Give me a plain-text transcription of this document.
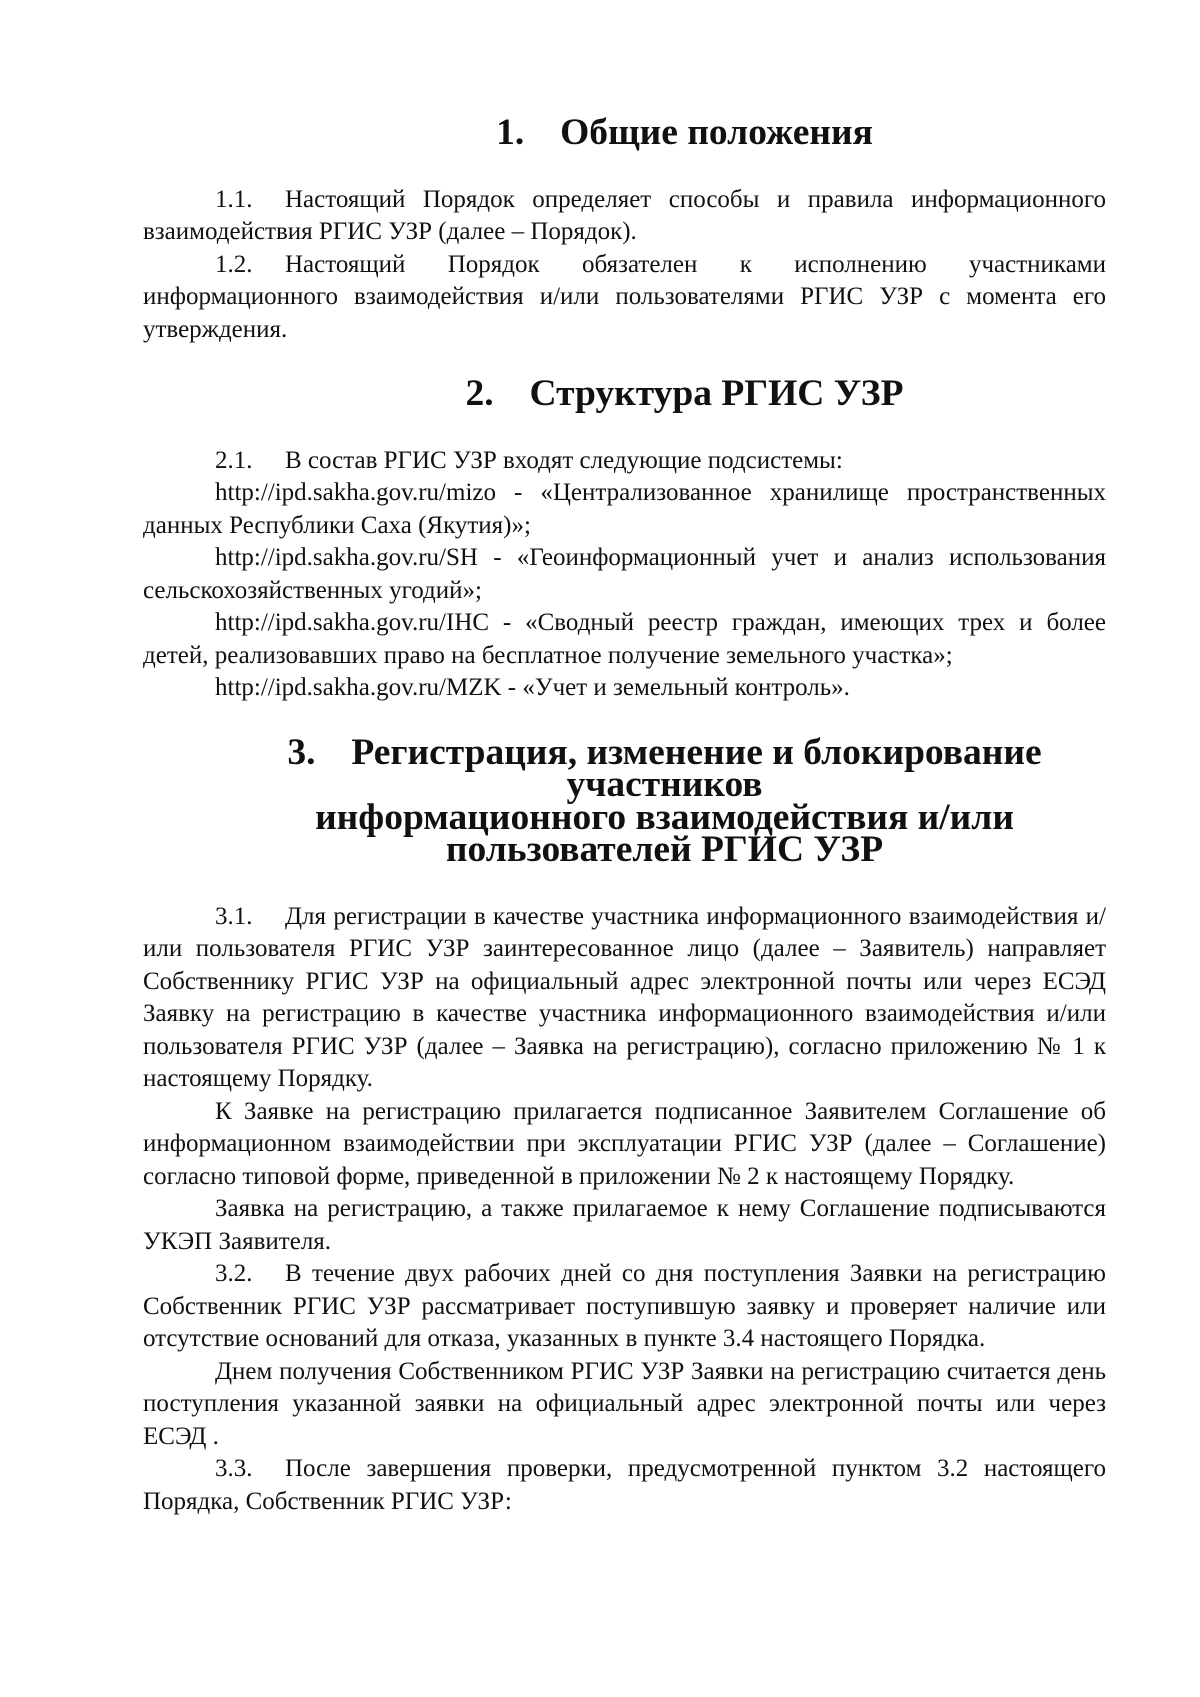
1. Общие положения

1.1. Настоящий Порядок определяет способы и правила информационного взаимодействия РГИС УЗР (далее – Порядок).

1.2. Настоящий Порядок обязателен к исполнению участниками информационного взаимодействия и/или пользователями РГИС УЗР с момента его утверждения.

2. Структура РГИС УЗР

2.1. В состав РГИС УЗР входят следующие подсистемы:

http://ipd.sakha.gov.ru/mizo - «Централизованное хранилище пространственных данных Республики Саха (Якутия)»;

http://ipd.sakha.gov.ru/SH - «Геоинформационный учет и анализ использования сельскохозяйственных угодий»;

http://ipd.sakha.gov.ru/IHC - «Сводный реестр граждан, имеющих трех и более детей, реализовавших право на бесплатное получение земельного участка»;

http://ipd.sakha.gov.ru/MZK - «Учет и земельный контроль».

3. Регистрация, изменение и блокирование участников
информационного взаимодействия и/или пользователей РГИС УЗР

3.1. Для регистрации в качестве участника информационного взаимодействия и/или пользователя РГИС УЗР заинтересованное лицо (далее – Заявитель) направляет Собственнику РГИС УЗР на официальный адрес электронной почты или через ЕСЭД Заявку на регистрацию в качестве участника информационного взаимодействия и/или пользователя РГИС УЗР (далее – Заявка на регистрацию), согласно приложению № 1 к настоящему Порядку.

К Заявке на регистрацию прилагается подписанное Заявителем Соглашение об информационном взаимодействии при эксплуатации РГИС УЗР (далее – Соглашение) согласно типовой форме, приведенной в приложении № 2 к настоящему Порядку.

Заявка на регистрацию, а также прилагаемое к нему Соглашение подписываются УКЭП Заявителя.

3.2. В течение двух рабочих дней со дня поступления Заявки на регистрацию Собственник РГИС УЗР рассматривает поступившую заявку и проверяет наличие или отсутствие оснований для отказа, указанных в пункте 3.4 настоящего Порядка.

Днем получения Собственником РГИС УЗР Заявки на регистрацию считается день поступления указанной заявки на официальный адрес электронной почты или через ЕСЭД .

3.3. После завершения проверки, предусмотренной пунктом 3.2 настоящего Порядка, Собственник РГИС УЗР:
